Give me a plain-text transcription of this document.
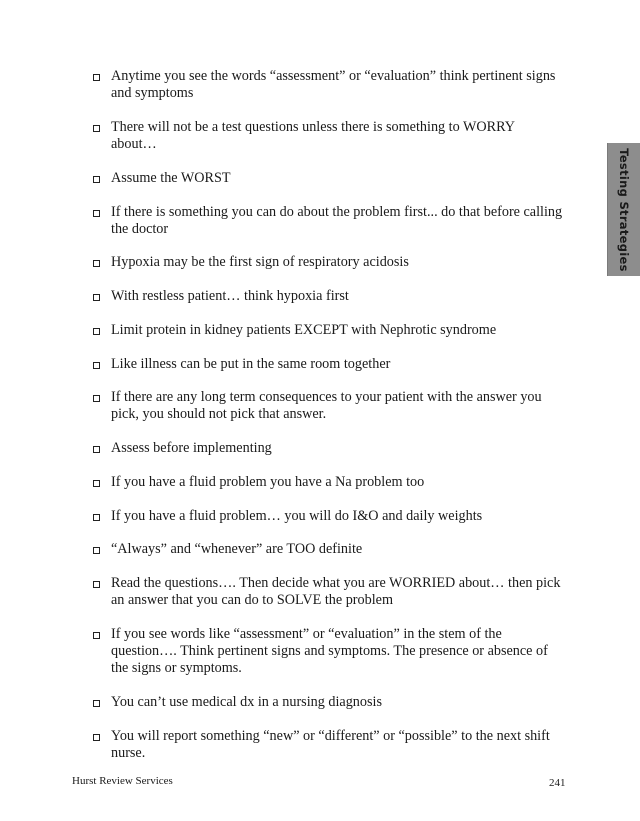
Anytime you see the words “assessment” or “evaluation” think pertinent signs and symptoms
There will not be a test questions unless there is something to WORRY about…
Assume the WORST
If there is something you can do about the problem first... do that before calling the doctor
Hypoxia may be the first sign of respiratory acidosis
With restless patient… think hypoxia first
Limit protein in kidney patients EXCEPT with Nephrotic syndrome
Like illness can be put in the same room together
If there are any long term consequences to your patient with the answer you pick, you should not pick that answer.
Assess before implementing
If you have a fluid problem you have a Na problem too
If you have a fluid problem… you will do I&O and daily weights
“Always” and “whenever” are TOO definite
Read the questions…. Then decide what you are WORRIED about… then pick an answer that you can do to SOLVE the problem
If you see words like “assessment” or “evaluation” in the stem of the question…. Think pertinent signs and symptoms. The presence or absence of the signs or symptoms.
You can’t use medical dx in a nursing diagnosis
You will report something “new” or “different” or “possible” to the next shift nurse.
Testing Strategies
Hurst Review Services	241
